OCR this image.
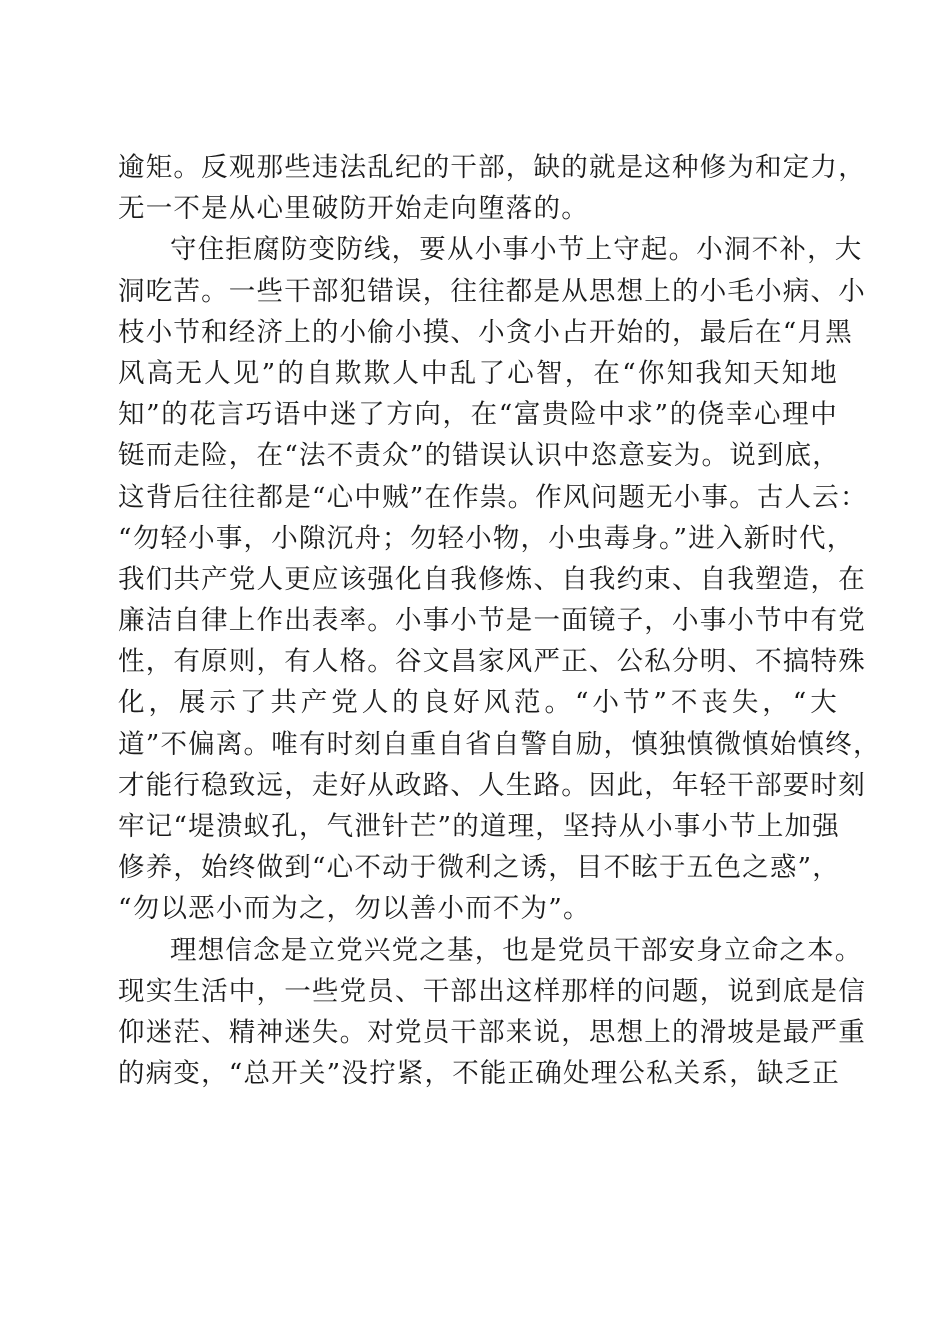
逾矩。反观那些违法乱纪的干部，缺的就是这种修为和定力，
无一不是从心里破防开始走向堕落的。
守住拒腐防变防线，要从小事小节上守起。小洞不补，大
洞吃苦。一些干部犯错误，往往都是从思想上的小毛小病、小
枝小节和经济上的小偷小摸、小贪小占开始的，最后在“月黑
风高无人见”的自欺欺人中乱了心智，在“你知我知天知地
知”的花言巧语中迷了方向，在“富贵险中求”的侥幸心理中
铤而走险，在“法不责众”的错误认识中恣意妄为。说到底，
这背后往往都是“心中贼”在作祟。作风问题无小事。古人云：
“勿轻小事，小隙沉舟；勿轻小物，小虫毒身。”进入新时代，
我们共产党人更应该强化自我修炼、自我约束、自我塑造，在
廉洁自律上作出表率。小事小节是一面镜子，小事小节中有党
性，有原则，有人格。谷文昌家风严正、公私分明、不搞特殊
化，展示了共产党人的良好风范。“小节”不丧失，“大
道”不偏离。唯有时刻自重自省自警自励，慎独慎微慎始慎终，
才能行稳致远，走好从政路、人生路。因此，年轻干部要时刻
牢记“堤溃蚁孔，气泄针芒”的道理，坚持从小事小节上加强
修养，始终做到“心不动于微利之诱，目不眩于五色之惑”，
“勿以恶小而为之，勿以善小而不为”。
理想信念是立党兴党之基，也是党员干部安身立命之本。
现实生活中，一些党员、干部出这样那样的问题，说到底是信
仰迷茫、精神迷失。对党员干部来说，思想上的滑坡是最严重
的病变，“总开关”没拧紧，不能正确处理公私关系，缺乏正
